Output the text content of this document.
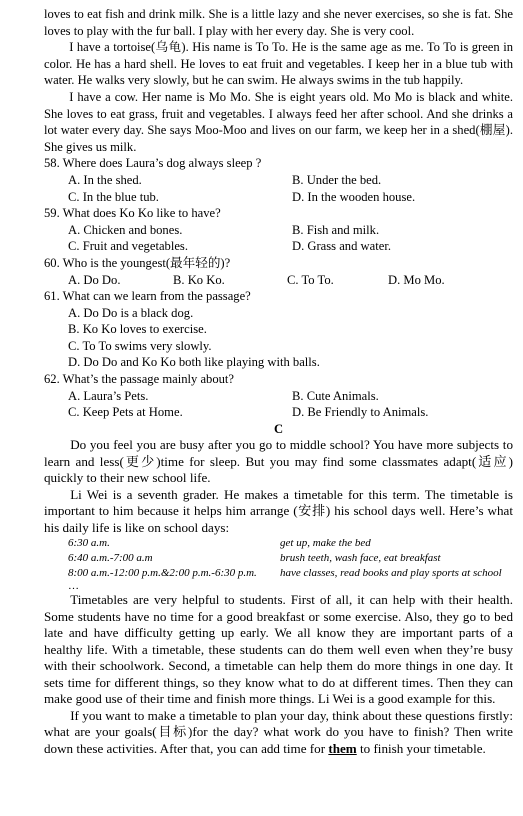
loves to eat fish and drink milk. She is a little lazy and she never exercises, so she is fat. She loves to play with the fur ball. I play with her every day. She is very cool.

I have a tortoise(乌龟). His name is To To. He is the same age as me. To To is green in color. He has a hard shell. He loves to eat fruit and vegetables. I keep her in a blue tub with water. He walks very slowly, but he can swim. He always swims in the tub happily.

I have a cow. Her name is Mo Mo. She is eight years old. Mo Mo is black and white. She loves to eat grass, fruit and vegetables. I always feed her after school. And she drinks a lot water every day. She says Moo-Moo and lives on our farm, we keep her in a shed(棚屋). She gives us milk.

58. Where does Laura’s dog always sleep ?

A. In the shed.	B. Under the bed.
C. In the blue tub.	D. In the wooden house.

59. What does Ko Ko like to have?

A. Chicken and bones.	B. Fish and milk.
C. Fruit and vegetables.	D. Grass and water.

60. Who is the youngest(最年轻的)?

A. Do Do.	B. Ko Ko.	C. To To.	D. Mo Mo.

61. What can we learn from the passage?

A. Do Do is a black dog.
B. Ko Ko loves to exercise.
C. To To swims very slowly.
D. Do Do and Ko Ko both like playing with balls.

62. What’s the passage mainly about?

A. Laura’s Pets.	B. Cute Animals.
C. Keep Pets at Home.	D. Be Friendly to Animals.

C

Do you feel you are busy after you go to middle school? You have more subjects to learn and less(更少)time for sleep. But you may find some classmates adapt(适应) quickly to their new school life.

Li Wei is a seventh grader. He makes a timetable for this term. The timetable is important to him because it helps him arrange (安排) his school days well. Here’s what his daily life is like on school days:

6:30 a.m.	get up, make the bed
6:40 a.m.-7:00 a.m	brush teeth, wash face, eat breakfast
8:00 a.m.-12:00 p.m.&2:00 p.m.-6:30 p.m.	have classes, read books and play sports at school
…

Timetables are very helpful to students. First of all, it can help with their health. Some students have no time for a good breakfast or some exercise. Also, they go to bed late and have difficulty getting up early. We all know they are important parts of a healthy life. With a timetable, these students can do them well even when they’re busy with their schoolwork. Second, a timetable can help them do more things in one day. It sets time for different things, so they know what to do at different times. Then they can make good use of their time and finish more things. Li Wei is a good example for this.

If you want to make a timetable to plan your day, think about these questions firstly: what are your goals(目标)for the day? what work do you have to finish? Then write down these activities. After that, you can add time for them to finish your timetable.
